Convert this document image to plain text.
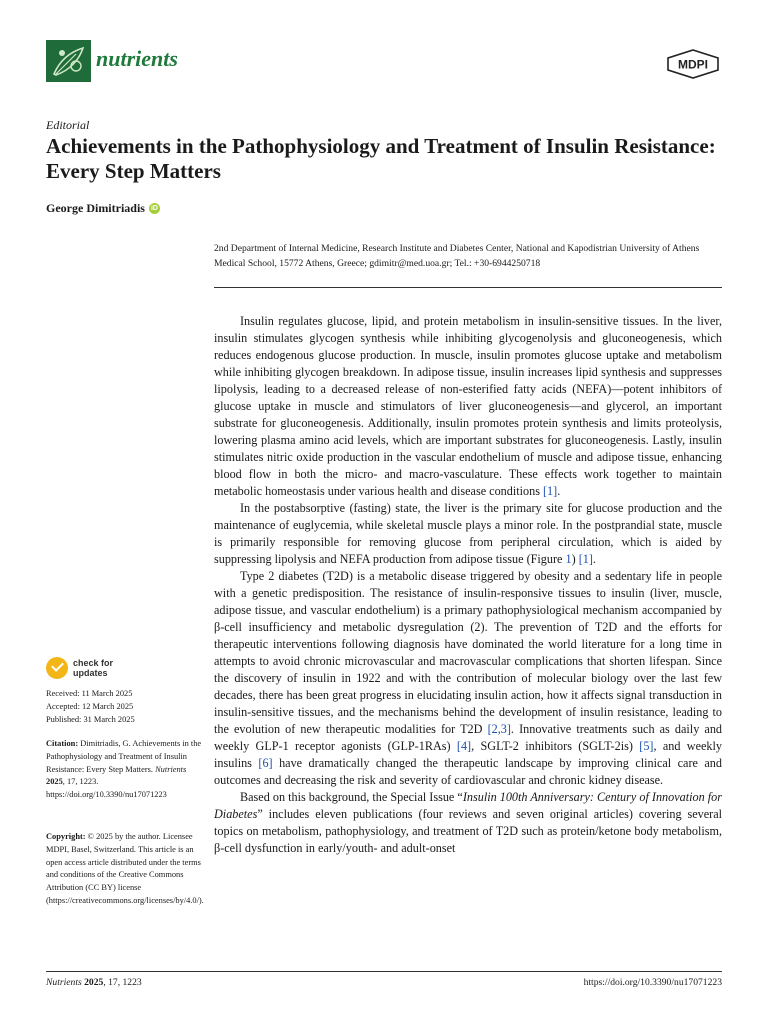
nutrients	MDPI
Editorial
Achievements in the Pathophysiology and Treatment of Insulin Resistance: Every Step Matters
George Dimitriadis iD
2nd Department of Internal Medicine, Research Institute and Diabetes Center, National and Kapodistrian University of Athens Medical School, 15772 Athens, Greece; gdimitr@med.uoa.gr; Tel.: +30-6944250718

Insulin regulates glucose, lipid, and protein metabolism in insulin-sensitive tissues. In the liver, insulin stimulates glycogen synthesis while inhibiting glycogenolysis and gluconeogenesis, which reduces endogenous glucose production. In muscle, insulin promotes glucose uptake and metabolism while inhibiting glycogen breakdown. In adipose tissue, insulin increases lipid synthesis and suppresses lipolysis, leading to a decreased release of non-esterified fatty acids (NEFA)—potent inhibitors of glucose uptake in muscle and stimulators of liver gluconeogenesis—and glycerol, an important substrate for gluconeogenesis. Additionally, insulin promotes protein synthesis and limits proteolysis, lowering plasma amino acid levels, which are important substrates for gluconeogenesis. Lastly, insulin stimulates nitric oxide production in the vascular endothelium of muscle and adipose tissue, enhancing blood flow in both the micro- and macro-vasculature. These effects work together to maintain metabolic homeostasis under various health and disease conditions [1].

In the postabsorptive (fasting) state, the liver is the primary site for glucose production and the maintenance of euglycemia, while skeletal muscle plays a minor role. In the postprandial state, muscle is primarily responsible for removing glucose from peripheral circulation, which is aided by suppressing lipolysis and NEFA production from adipose tissue (Figure 1) [1].

Type 2 diabetes (T2D) is a metabolic disease triggered by obesity and a sedentary life in people with a genetic predisposition. The resistance of insulin-responsive tissues to insulin (liver, muscle, adipose tissue, and vascular endothelium) is a primary pathophysiological mechanism accompanied by β-cell insufficiency and metabolic dysregulation (2). The prevention of T2D and the efforts for therapeutic interventions following diagnosis have dominated the world literature for a long time in attempts to avoid chronic microvascular and macrovascular complications that shorten lifespan. Since the discovery of insulin in 1922 and with the contribution of molecular biology over the last few decades, there has been great progress in elucidating insulin action, how it affects signal transduction in insulin-sensitive tissues, and the mechanisms behind the development of insulin resistance, leading to the evolution of new therapeutic modalities for T2D [2,3]. Innovative treatments such as daily and weekly GLP-1 receptor agonists (GLP-1RAs) [4], SGLT-2 inhibitors (SGLT-2is) [5], and weekly insulins [6] have dramatically changed the therapeutic landscape by improving clinical care and outcomes and decreasing the risk and severity of cardiovascular and chronic kidney disease.

Based on this background, the Special Issue “Insulin 100th Anniversary: Century of Innovation for Diabetes” includes eleven publications (four reviews and seven original articles) covering several topics on metabolism, pathophysiology, and treatment of T2D such as protein/ketone body metabolism, β-cell dysfunction in early/youth- and adult-onset

check for
updates
Received: 11 March 2025
Accepted: 12 March 2025
Published: 31 March 2025
Citation: Dimitriadis, G. Achievements in the Pathophysiology and Treatment of Insulin Resistance: Every Step Matters. Nutrients 2025, 17, 1223. https://doi.org/10.3390/nu17071223
Copyright: © 2025 by the author. Licensee MDPI, Basel, Switzerland. This article is an open access article distributed under the terms and conditions of the Creative Commons Attribution (CC BY) license (https://creativecommons.org/licenses/by/4.0/).
Nutrients 2025, 17, 1223	https://doi.org/10.3390/nu17071223
